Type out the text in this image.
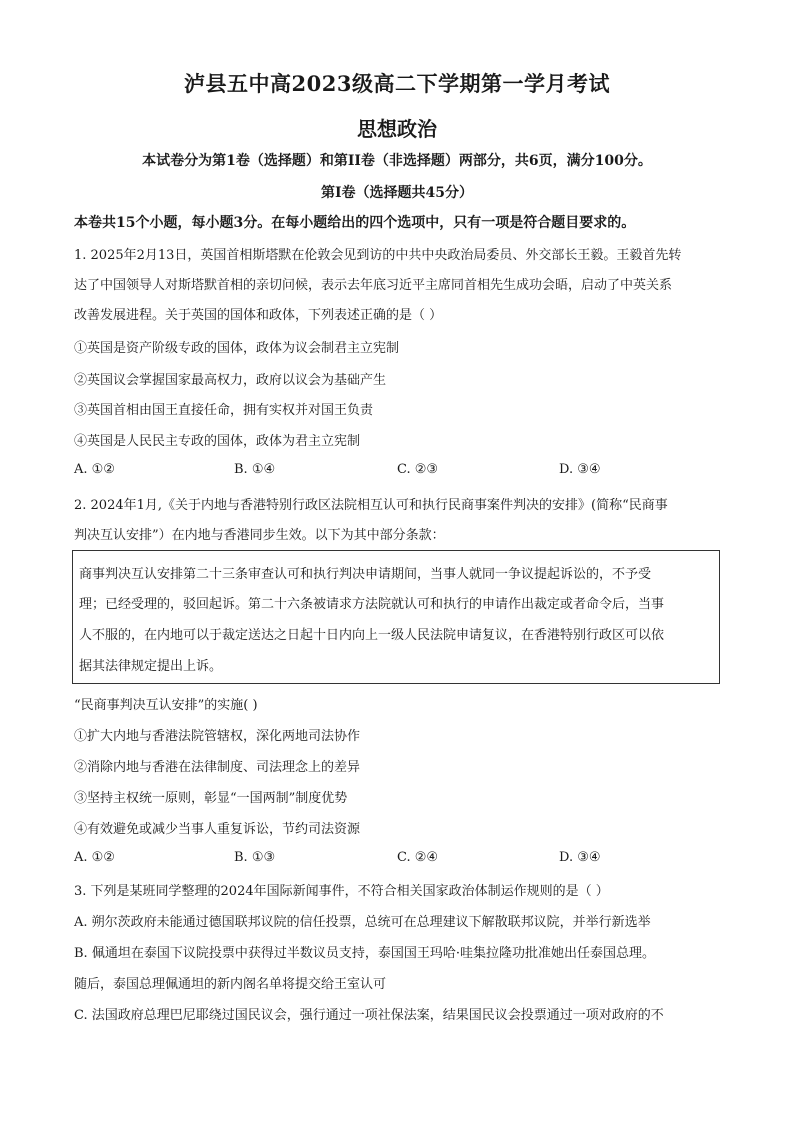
泸县五中高2023级高二下学期第一学月考试
思想政治
本试卷分为第1卷（选择题）和第II卷（非选择题）两部分，共6页，满分100分。
第Ⅰ卷（选择题共45分）
本卷共15个小题，每小题3分。在每小题给出的四个选项中，只有一项是符合题目要求的。
1. 2025年2月13日，英国首相斯塔默在伦敦会见到访的中共中央政治局委员、外交部长王毅。王毅首先转
达了中国领导人对斯塔默首相的亲切问候，表示去年底习近平主席同首相先生成功会晤，启动了中英关系
改善发展进程。关于英国的国体和政体，下列表述正确的是（ ）
①英国是资产阶级专政的国体，政体为议会制君主立宪制
②英国议会掌握国家最高权力，政府以议会为基础产生
③英国首相由国王直接任命，拥有实权并对国王负责
④英国是人民民主专政的国体，政体为君主立宪制
A. ①②	B. ①④	C. ②③	D. ③④
2. 2024年1月,《关于内地与香港特别行政区法院相互认可和执行民商事案件判决的安排》(简称“民商事
判决互认安排”）在内地与香港同步生效。以下为其中部分条款：
商事判决互认安排第二十三条审查认可和执行判决申请期间，当事人就同一争议提起诉讼的，不予受
理；已经受理的，驳回起诉。第二十六条被请求方法院就认可和执行的申请作出裁定或者命令后，当事
人不服的，在内地可以于裁定送达之日起十日内向上一级人民法院申请复议，在香港特别行政区可以依
据其法律规定提出上诉。
“民商事判决互认安排”的实施( )
①扩大内地与香港法院管辖权，深化两地司法协作
②消除内地与香港在法律制度、司法理念上的差异
③坚持主权统一原则，彰显“一国两制”制度优势
④有效避免或减少当事人重复诉讼，节约司法资源
A. ①②	B. ①③	C. ②④	D. ③④
3. 下列是某班同学整理的2024年国际新闻事件，不符合相关国家政治体制运作规则的是（ ）
A. 朔尔茨政府未能通过德国联邦议院的信任投票，总统可在总理建议下解散联邦议院，并举行新选举
B. 佩通坦在泰国下议院投票中获得过半数议员支持，泰国国王玛哈·哇集拉隆功批准她出任泰国总理。
随后，泰国总理佩通坦的新内阁名单将提交给王室认可
C. 法国政府总理巴尼耶绕过国民议会，强行通过一项社保法案，结果国民议会投票通过一项对政府的不
